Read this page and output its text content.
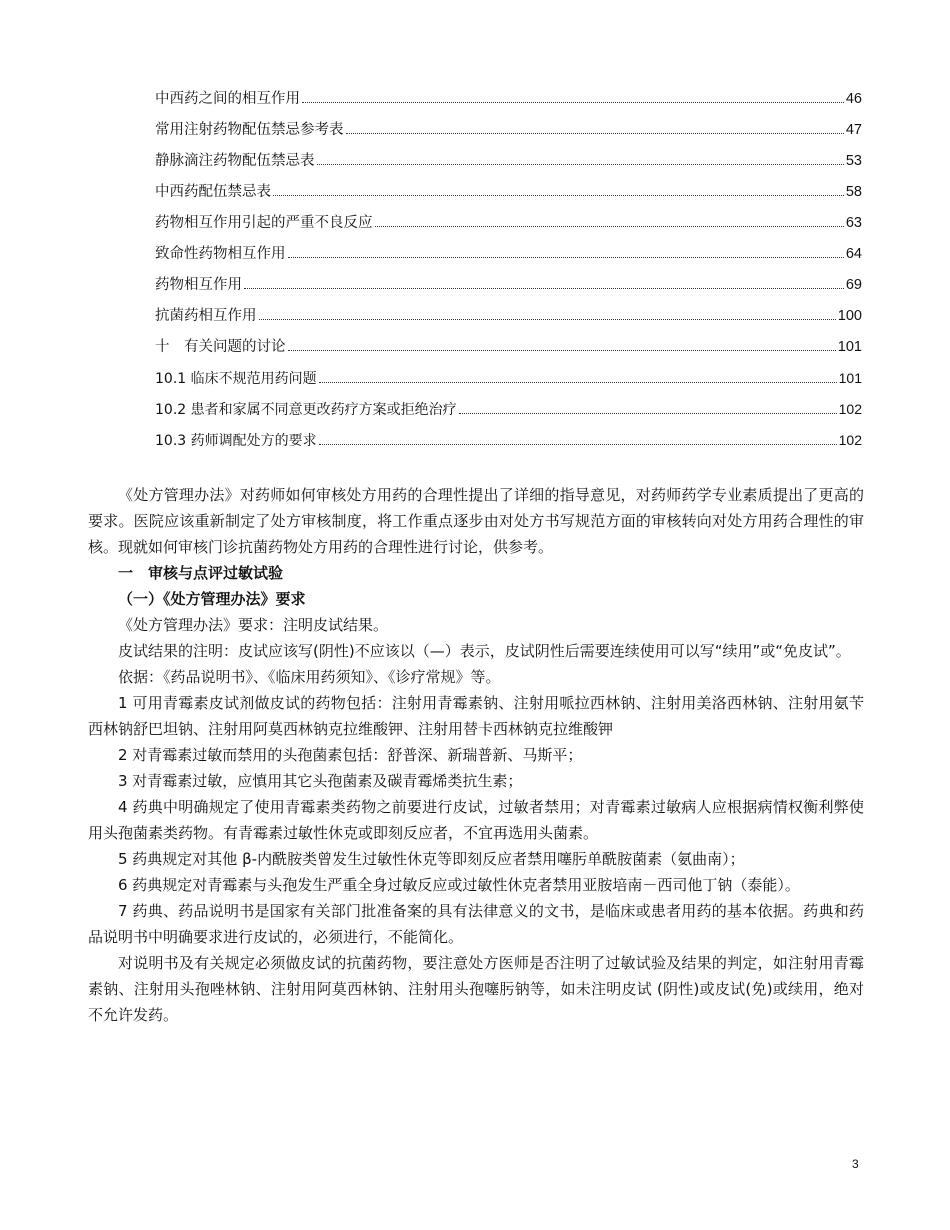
中西药之间的相互作用	46
常用注射药物配伍禁忌参考表	47
静脉滴注药物配伍禁忌表	53
中西药配伍禁忌表	58
药物相互作用引起的严重不良反应	63
致命性药物相互作用	64
药物相互作用	69
抗菌药相互作用	100
十　有关问题的讨论	101
10.1 临床不规范用药问题	101
10.2 患者和家属不同意更改药疗方案或拒绝治疗	102
10.3 药师调配处方的要求	102

《处方管理办法》对药师如何审核处方用药的合理性提出了详细的指导意见，对药师药学专业素质提出了更高的要求。医院应该重新制定了处方审核制度，将工作重点逐步由对处方书写规范方面的审核转向对处方用药合理性的审核。现就如何审核门诊抗菌药物处方用药的合理性进行讨论，供参考。

一　审核与点评过敏试验

（一）《处方管理办法》要求

《处方管理办法》要求：注明皮试结果。

皮试结果的注明：皮试应该写(阴性)不应该以（—）表示，皮试阴性后需要连续使用可以写“续用”或“免皮试”。

依据：《药品说明书》、《临床用药须知》、《诊疗常规》等。

1 可用青霉素皮试剂做皮试的药物包括：注射用青霉素钠、注射用哌拉西林钠、注射用美洛西林钠、注射用氨苄西林钠舒巴坦钠、注射用阿莫西林钠克拉维酸钾、注射用替卡西林钠克拉维酸钾

2 对青霉素过敏而禁用的头孢菌素包括：舒普深、新瑞普新、马斯平；

3 对青霉素过敏，应慎用其它头孢菌素及碳青霉烯类抗生素；

4 药典中明确规定了使用青霉素类药物之前要进行皮试，过敏者禁用；对青霉素过敏病人应根据病情权衡利弊使用头孢菌素类药物。有青霉素过敏性休克或即刻反应者，不宜再选用头菌素。

5 药典规定对其他 β-内酰胺类曾发生过敏性休克等即刻反应者禁用噻肟单酰胺菌素（氨曲南）；

6 药典规定对青霉素与头孢发生严重全身过敏反应或过敏性休克者禁用亚胺培南－西司他丁钠（泰能）。

7 药典、药品说明书是国家有关部门批准备案的具有法律意义的文书，是临床或患者用药的基本依据。药典和药品说明书中明确要求进行皮试的，必须进行，不能简化。

对说明书及有关规定必须做皮试的抗菌药物，要注意处方医师是否注明了过敏试验及结果的判定，如注射用青霉素钠、注射用头孢唑林钠、注射用阿莫西林钠、注射用头孢噻肟钠等，如未注明皮试 (阴性)或皮试(免)或续用，绝对不允许发药。

3
